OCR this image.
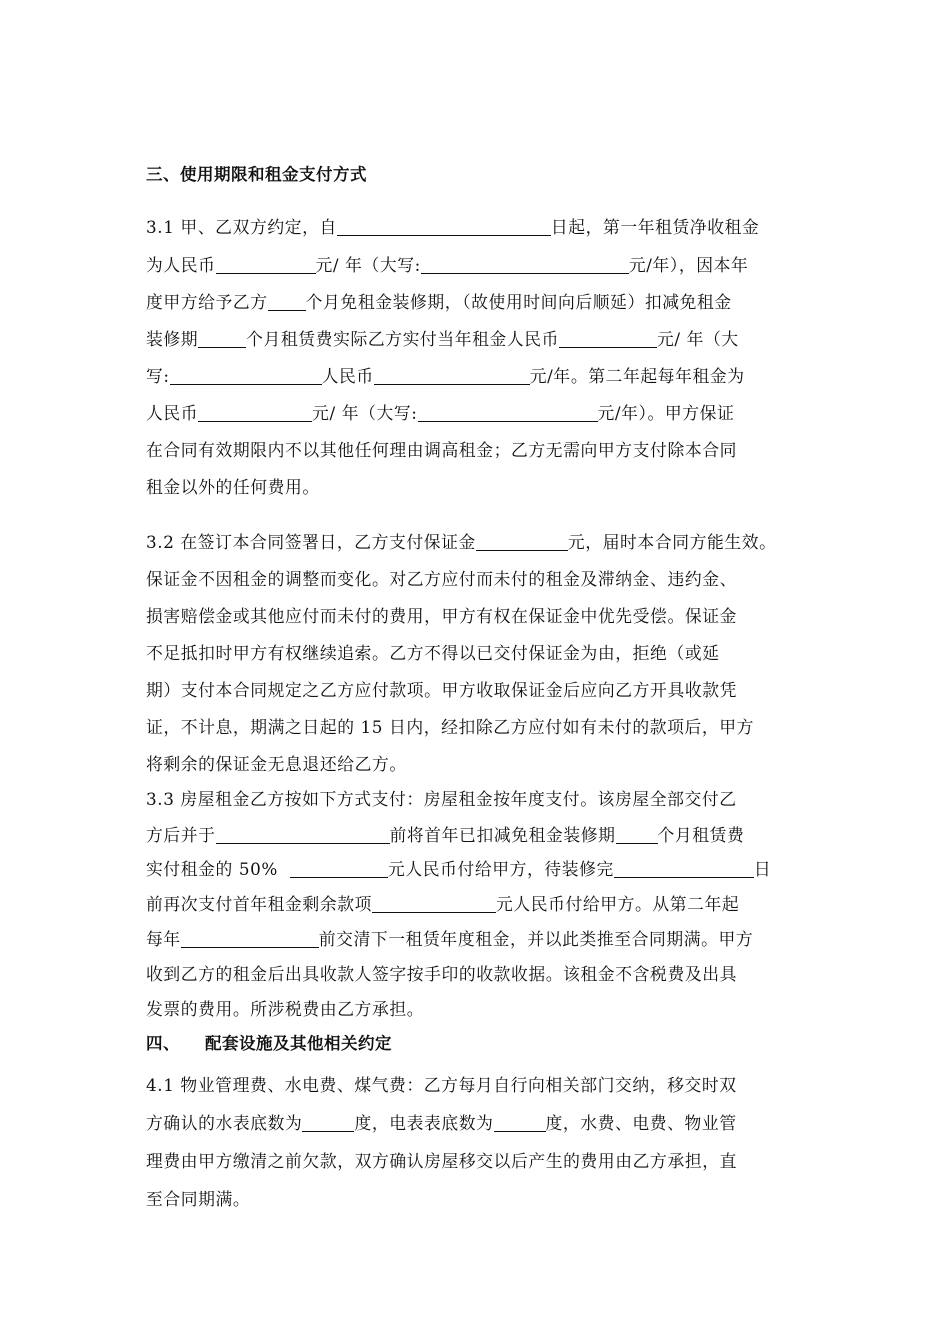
三、使用期限和租金支付方式
3.1 甲、乙双方约定，自	日起，第一年租赁净收租金
为人民币	元/ 年（大写:	元/年），因本年
度甲方给予乙方 个月免租金装修期，（故使用时间向后顺延）扣减免租金
装修期	个月租赁费实际乙方实付当年租金人民币	元/ 年（大
写:	人民币	元/年。第二年起每年租金为
人民币	元/ 年（大写:	元/年）。甲方保证
在合同有效期限内不以其他任何理由调高租金；乙方无需向甲方支付除本合同
租金以外的任何费用。
3.2 在签订本合同签署日，乙方支付保证金	元，届时本合同方能生效。
保证金不因租金的调整而变化。对乙方应付而未付的租金及滞纳金、违约金、
损害赔偿金或其他应付而未付的费用，甲方有权在保证金中优先受偿。保证金
不足抵扣时甲方有权继续追索。乙方不得以已交付保证金为由，拒绝（或延
期）支付本合同规定之乙方应付款项。甲方收取保证金后应向乙方开具收款凭
证，不计息，期满之日起的 15 日内，经扣除乙方应付如有未付的款项后，甲方
将剩余的保证金无息退还给乙方。
3.3 房屋租金乙方按如下方式支付：房屋租金按年度支付。该房屋全部交付乙
方后并于	前将首年已扣减免租金装修期	个月租赁费
实付租金的 50%	元人民币付给甲方，待装修完	日
前再次支付首年租金剩余款项	元人民币付给甲方。从第二年起
每年	前交清下一租赁年度租金，并以此类推至合同期满。甲方
收到乙方的租金后出具收款人签字按手印的收款收据。该租金不含税费及出具
发票的费用。所涉税费由乙方承担。
四、    配套设施及其他相关约定
4.1 物业管理费、水电费、煤气费：乙方每月自行向相关部门交纳，移交时双
方确认的水表底数为	度，电表表底数为	度，水费、电费、物业管
理费由甲方缴清之前欠款，双方确认房屋移交以后产生的费用由乙方承担，直
至合同期满。
